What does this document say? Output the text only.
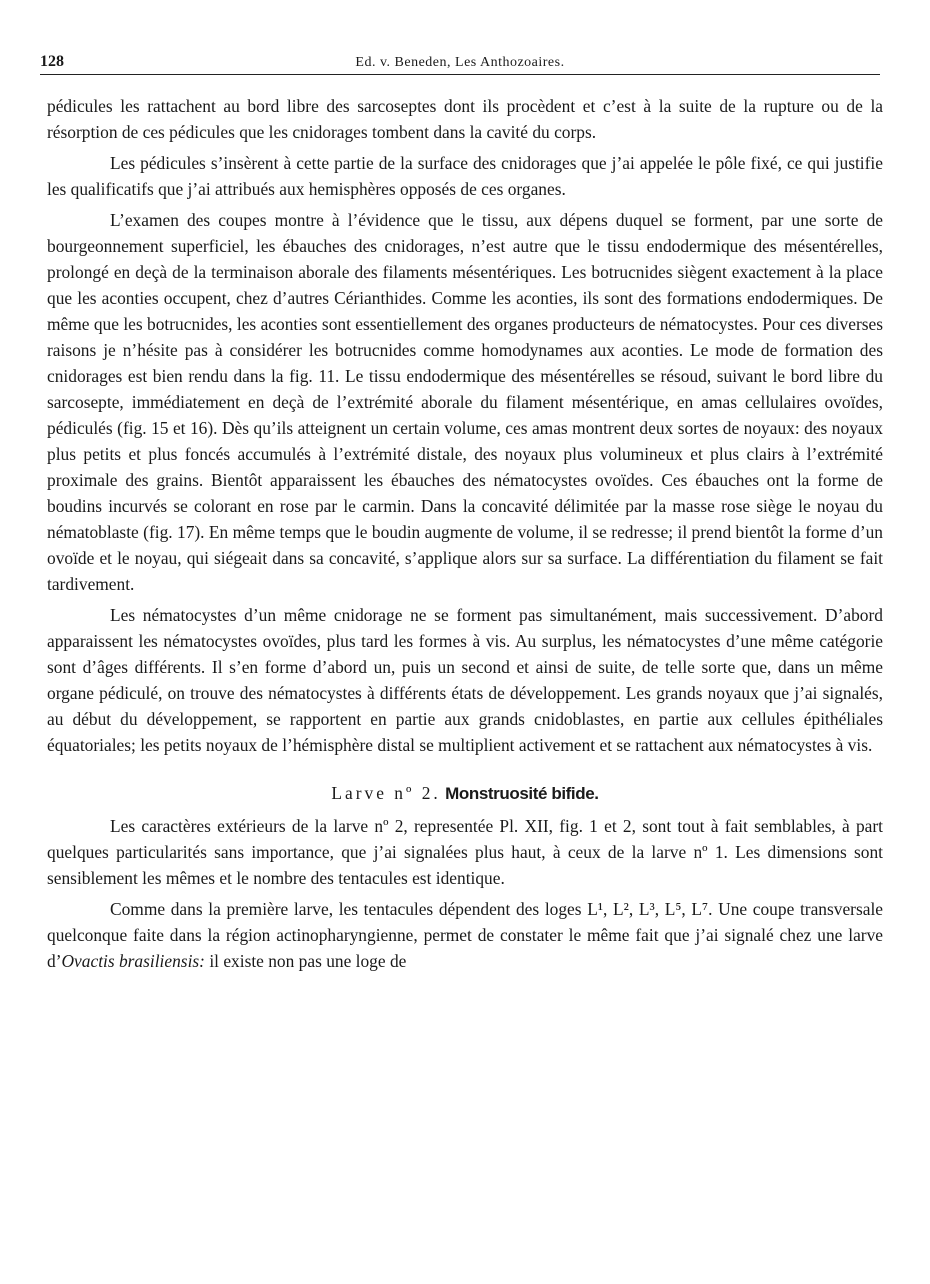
128	Ed. v. Beneden, Les Anthozoaires.

pédicules les rattachent au bord libre des sarcoseptes dont ils procèdent et c’est à la suite de la rupture ou de la résorption de ces pédicules que les cnidorages tombent dans la cavité du corps.

Les pédicules s’insèrent à cette partie de la surface des cnidorages que j’ai appelée le pôle fixé, ce qui justifie les qualificatifs que j’ai attribués aux hemisphères opposés de ces organes.

L’examen des coupes montre à l’évidence que le tissu, aux dépens duquel se forment, par une sorte de bourgeonnement superficiel, les ébauches des cnidorages, n’est autre que le tissu endodermique des mésentérelles, prolongé en deçà de la terminaison aborale des filaments mésentériques. Les botrucnides siègent exactement à la place que les aconties occupent, chez d’autres Cérianthides. Comme les aconties, ils sont des formations endodermiques. De même que les botrucnides, les aconties sont essentiellement des organes producteurs de nématocystes. Pour ces diverses raisons je n’hésite pas à considérer les botrucnides comme homodynames aux aconties. Le mode de formation des cnidorages est bien rendu dans la fig. 11. Le tissu endodermique des mésentérelles se résoud, suivant le bord libre du sarcosepte, immédiatement en deçà de l’extrémité aborale du filament mésentérique, en amas cellulaires ovoïdes, pédiculés (fig. 15 et 16). Dès qu’ils atteignent un certain volume, ces amas montrent deux sortes de noyaux: des noyaux plus petits et plus foncés accumulés à l’extrémité distale, des noyaux plus volumineux et plus clairs à l’extrémité proximale des grains. Bientôt apparaissent les ébauches des nématocystes ovoïdes. Ces ébauches ont la forme de boudins incurvés se colorant en rose par le carmin. Dans la concavité délimitée par la masse rose siège le noyau du nématoblaste (fig. 17). En même temps que le boudin augmente de volume, il se redresse; il prend bientôt la forme d’un ovoïde et le noyau, qui siégeait dans sa concavité, s’applique alors sur sa surface. La différentiation du filament se fait tardivement.

Les nématocystes d’un même cnidorage ne se forment pas simultanément, mais successivement. D’abord apparaissent les nématocystes ovoïdes, plus tard les formes à vis. Au surplus, les nématocystes d’une même catégorie sont d’âges différents. Il s’en forme d’abord un, puis un second et ainsi de suite, de telle sorte que, dans un même organe pédiculé, on trouve des nématocystes à différents états de développement. Les grands noyaux que j’ai signalés, au début du développement, se rapportent en partie aux grands cnidoblastes, en partie aux cellules épithéliales équatoriales; les petits noyaux de l’hémisphère distal se multiplient activement et se rattachent aux nématocystes à vis.

Larve nº 2. Monstruosité bifide.

Les caractères extérieurs de la larve nº 2, representée Pl. XII, fig. 1 et 2, sont tout à fait semblables, à part quelques particularités sans importance, que j’ai signalées plus haut, à ceux de la larve nº 1. Les dimensions sont sensiblement les mêmes et le nombre des tentacules est identique.

Comme dans la première larve, les tentacules dépendent des loges L¹, L², L³, L⁵, L⁷. Une coupe transversale quelconque faite dans la région actinopharyngienne, permet de constater le même fait que j’ai signalé chez une larve d’Ovactis brasiliensis: il existe non pas une loge de
